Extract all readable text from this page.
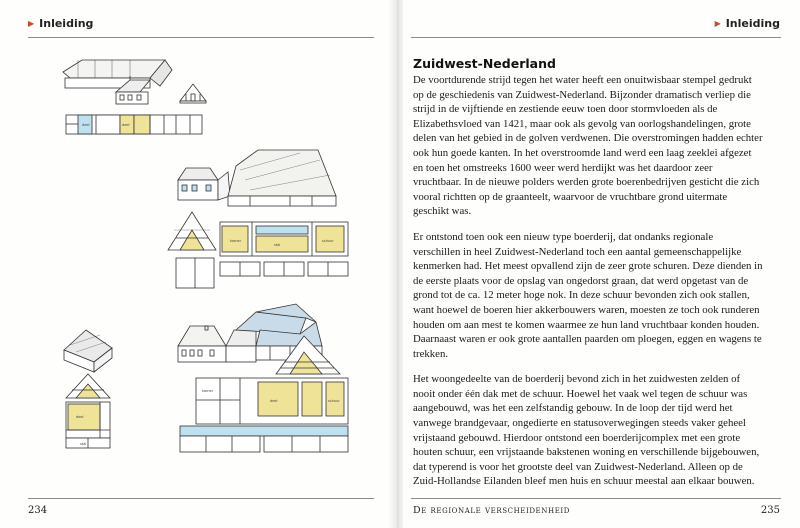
▶ Inleiding
deel	deel
kamer
stal
schuur
deel
stal
kamer
deel	schuur
234
▶ Inleiding
De regionale verscheidenheid	235
Zuidwest-Nederland

De voortdurende strijd tegen het water heeft een onuitwisbaar stempel gedrukt op de geschiedenis van Zuidwest-Nederland. Bijzonder dramatisch verliep die strijd in de vijftiende en zestiende eeuw toen door stormvloeden als de Elizabethsvloed van 1421, maar ook als gevolg van oorlogshandelingen, grote delen van het gebied in de golven verdwenen. Die overstromingen hadden echter ook hun goede kanten. In het overstroomde land werd een laag zeeklei afgezet en toen het omstreeks 1600 weer werd herdijkt was het daardoor zeer vruchtbaar. In de nieuwe polders werden grote boerenbedrijven gesticht die zich vooral richtten op de graanteelt, waarvoor de vruchtbare grond uitermate geschikt was.

Er ontstond toen ook een nieuw type boerderij, dat ondanks regionale verschillen in heel Zuidwest-Nederland toch een aantal gemeenschappelijke kenmerken had. Het meest opvallend zijn de zeer grote schuren. Deze dienden in de eerste plaats voor de opslag van ongedorst graan, dat werd opgetast van de grond tot de ca. 12 meter hoge nok. In deze schuur bevonden zich ook stallen, want hoewel de boeren hier akkerbouwers waren, moesten ze toch ook runderen houden om aan mest te komen waarmee ze hun land vruchtbaar konden houden. Daarnaast waren er ook grote aantallen paarden om ploegen, eggen en wagens te trekken.

Het woongedeelte van de boerderij bevond zich in het zuidwesten zelden of nooit onder één dak met de schuur. Hoewel het vaak wel tegen de schuur was aangebouwd, was het een zelfstandig gebouw. In de loop der tijd werd het vanwege brandgevaar, ongedierte en statusoverwegingen steeds vaker geheel vrijstaand gebouwd. Hierdoor ontstond een boerderijcomplex met een grote houten schuur, een vrijstaande bakstenen woning en verschillende bijgebouwen, dat typerend is voor het grootste deel van Zuidwest-Nederland. Alleen op de Zuid-Hollandse Eilanden bleef men huis en schuur meestal aan elkaar bouwen.
